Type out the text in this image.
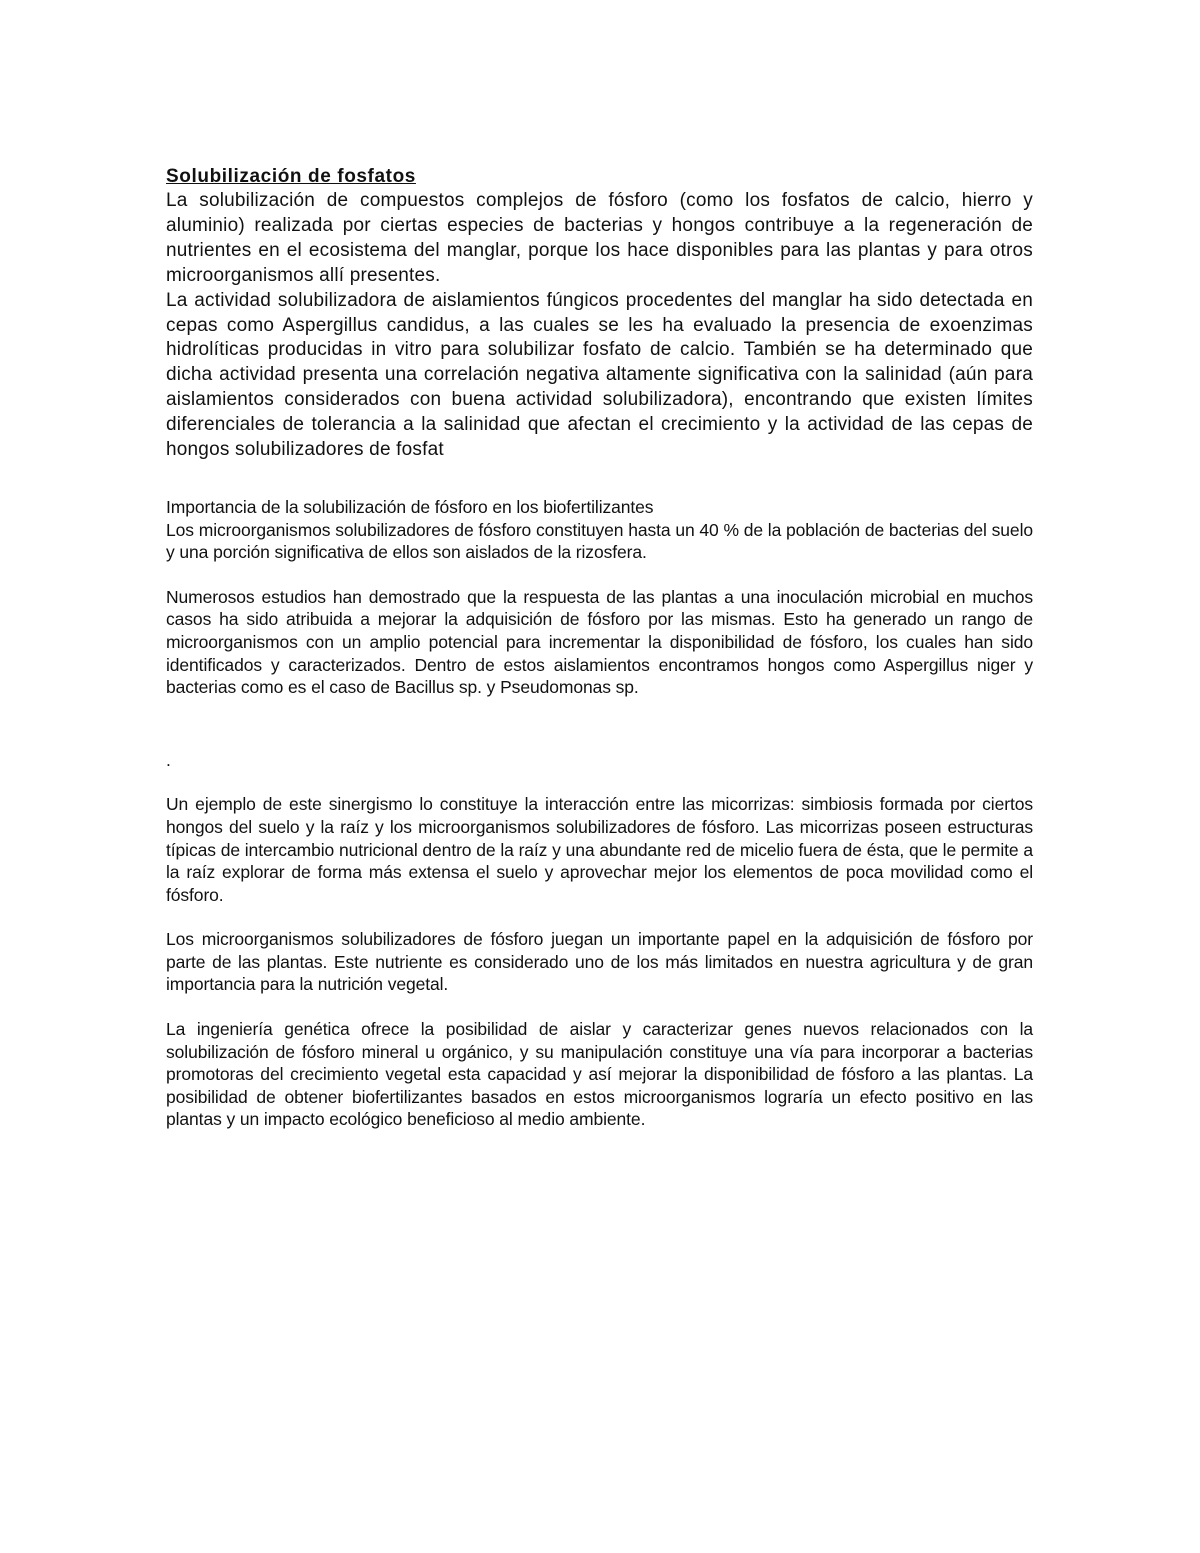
Solubilización de fosfatos

La solubilización de compuestos complejos de fósforo (como los fosfatos de calcio, hierro y aluminio) realizada por ciertas especies de bacterias y hongos contribuye a la regeneración de nutrientes en el ecosistema del manglar, porque los hace disponibles para las plantas y para otros microorganismos allí presentes.

La actividad solubilizadora de aislamientos fúngicos procedentes del manglar ha sido detectada en cepas como Aspergillus candidus, a las cuales se les ha evaluado la presencia de exoenzimas hidrolíticas producidas in vitro para solubilizar fosfato de calcio. También se ha determinado que dicha actividad presenta una correlación negativa altamente significativa con la salinidad (aún para aislamientos considerados con buena actividad solubilizadora), encontrando que existen límites diferenciales de tolerancia a la salinidad que afectan el crecimiento y la actividad de las cepas de hongos solubilizadores de fosfat

Importancia de la solubilización de fósforo en los biofertilizantes

Los microorganismos solubilizadores de fósforo constituyen hasta un 40 % de la población de bacterias del suelo y una porción significativa de ellos son aislados de la rizosfera.

Numerosos estudios han demostrado que la respuesta de las plantas a una inoculación microbial en muchos casos ha sido atribuida a mejorar la adquisición de fósforo por las mismas. Esto ha generado un rango de microorganismos con un amplio potencial para incrementar la disponibilidad de fósforo, los cuales han sido identificados y caracterizados. Dentro de estos aislamientos encontramos hongos como Aspergillus niger y bacterias como es el caso de Bacillus sp. y Pseudomonas sp.

.

Un ejemplo de este sinergismo lo constituye la interacción entre las micorrizas: simbiosis formada por ciertos hongos del suelo y la raíz y los microorganismos solubilizadores de fósforo. Las micorrizas poseen estructuras típicas de intercambio nutricional dentro de la raíz y una abundante red de micelio fuera de ésta, que le permite a la raíz explorar de forma más extensa el suelo y aprovechar mejor los elementos de poca movilidad como el fósforo.

Los microorganismos solubilizadores de fósforo juegan un importante papel en la adquisición de fósforo por parte de las plantas. Este nutriente es considerado uno de los más limitados en nuestra agricultura y de gran importancia para la nutrición vegetal.

La ingeniería genética ofrece la posibilidad de aislar y caracterizar genes nuevos relacionados con la solubilización de fósforo mineral u orgánico, y su manipulación constituye una vía para incorporar a bacterias promotoras del crecimiento vegetal esta capacidad y así mejorar la disponibilidad de fósforo a las plantas. La posibilidad de obtener biofertilizantes basados en estos microorganismos lograría un efecto positivo en las plantas y un impacto ecológico beneficioso al medio ambiente.
